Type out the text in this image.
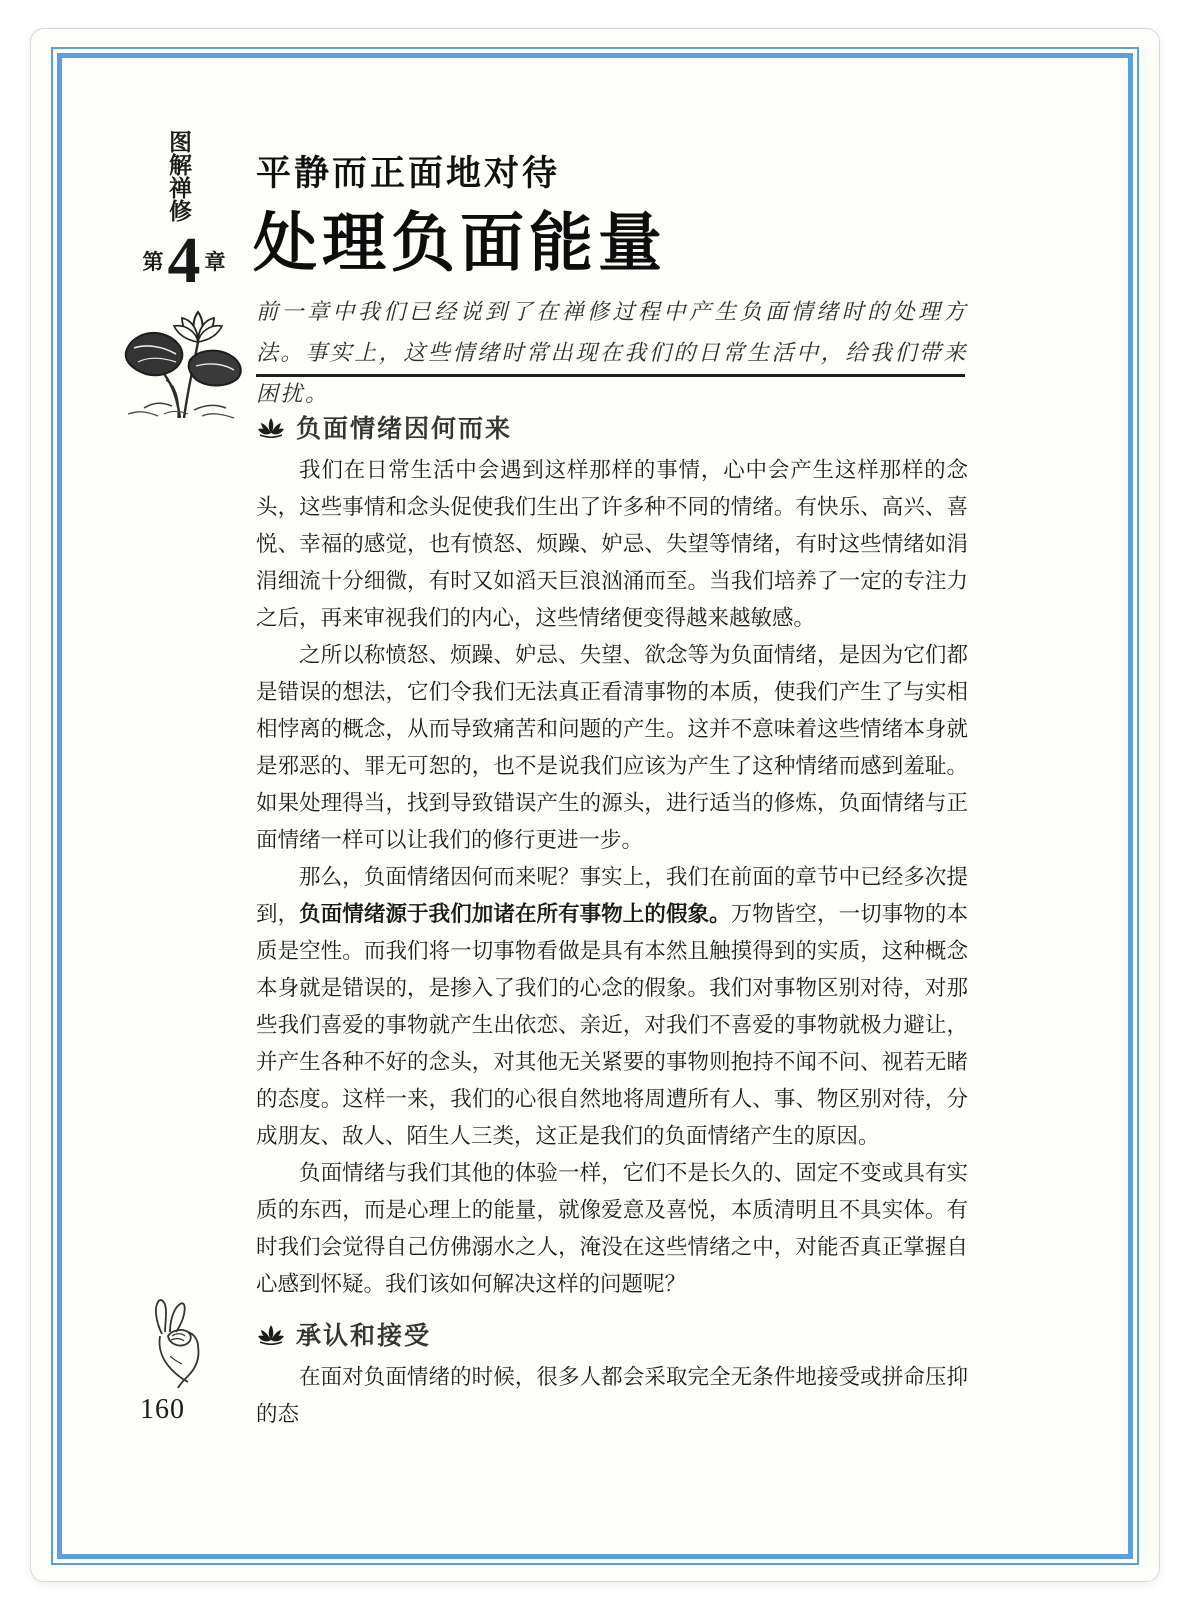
图解禅修
第 4 章
平静而正面地对待
处理负面能量
前一章中我们已经说到了在禅修过程中产生负面情绪时的处理方法。事实上，这些情绪时常出现在我们的日常生活中，给我们带来困扰。
负面情绪因何而来

我们在日常生活中会遇到这样那样的事情，心中会产生这样那样的念头，这些事情和念头促使我们生出了许多种不同的情绪。有快乐、高兴、喜悦、幸福的感觉，也有愤怒、烦躁、妒忌、失望等情绪，有时这些情绪如涓涓细流十分细微，有时又如滔天巨浪汹涌而至。当我们培养了一定的专注力之后，再来审视我们的内心，这些情绪便变得越来越敏感。

之所以称愤怒、烦躁、妒忌、失望、欲念等为负面情绪，是因为它们都是错误的想法，它们令我们无法真正看清事物的本质，使我们产生了与实相相悖离的概念，从而导致痛苦和问题的产生。这并不意味着这些情绪本身就是邪恶的、罪无可恕的，也不是说我们应该为产生了这种情绪而感到羞耻。如果处理得当，找到导致错误产生的源头，进行适当的修炼，负面情绪与正面情绪一样可以让我们的修行更进一步。

那么，负面情绪因何而来呢？事实上，我们在前面的章节中已经多次提到，负面情绪源于我们加诸在所有事物上的假象。万物皆空，一切事物的本质是空性。而我们将一切事物看做是具有本然且触摸得到的实质，这种概念本身就是错误的，是掺入了我们的心念的假象。我们对事物区别对待，对那些我们喜爱的事物就产生出依恋、亲近，对我们不喜爱的事物就极力避让，并产生各种不好的念头，对其他无关紧要的事物则抱持不闻不问、视若无睹的态度。这样一来，我们的心很自然地将周遭所有人、事、物区别对待，分成朋友、敌人、陌生人三类，这正是我们的负面情绪产生的原因。

负面情绪与我们其他的体验一样，它们不是长久的、固定不变或具有实质的东西，而是心理上的能量，就像爱意及喜悦，本质清明且不具实体。有时我们会觉得自己仿佛溺水之人，淹没在这些情绪之中，对能否真正掌握自心感到怀疑。我们该如何解决这样的问题呢？

承认和接受

在面对负面情绪的时候，很多人都会采取完全无条件地接受或拼命压抑的态

160
